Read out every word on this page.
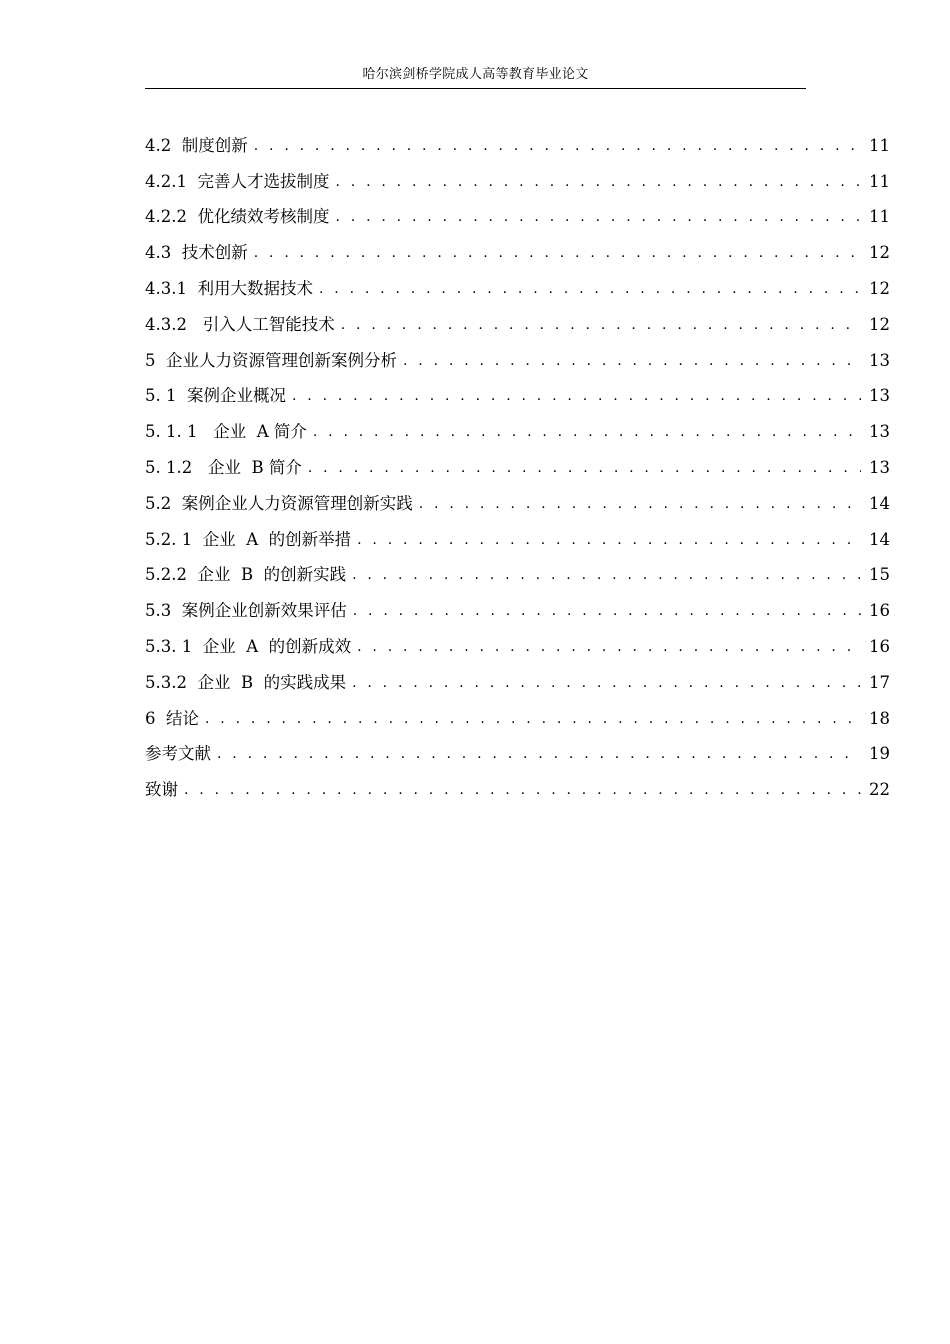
哈尔滨剑桥学院成人高等教育毕业论文
4.2  制度创新 . . .	11
4.2.1  完善人才选拔制度 . . .	11
4.2.2  优化绩效考核制度 . . .	11
4.3  技术创新 . . .	12
4.3.1  利用大数据技术 . . .	12
4.3.2   引入人工智能技术 . . .	12
5  企业人力资源管理创新案例分析 . . .	13
5. 1  案例企业概况 . . .	13
5. 1. 1   企业  A 简介 . . .	13
5. 1.2   企业  B 简介 . . .	13
5.2  案例企业人力资源管理创新实践 . . .	14
5.2. 1  企业  A  的创新举措 . . .	14
5.2.2  企业  B  的创新实践 . . .	15
5.3  案例企业创新效果评估 . . .	16
5.3. 1  企业  A  的创新成效 . . .	16
5.3.2  企业  B  的实践成果 . . .	17
6  结论 . . .	18
参考文献 . . .	19
致谢 . . .	22
